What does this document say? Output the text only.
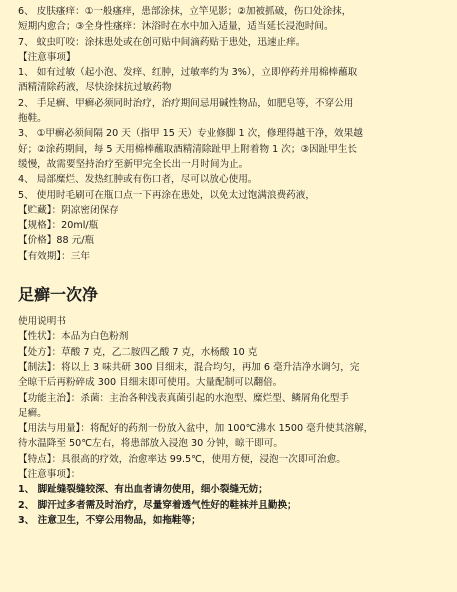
6、 皮肤瘙痒：①一般瘙痒，患部涂抹，立竿见影；②加被抓破，伤口处涂抹，
短期内愈合；③全身性瘙痒：沐浴时在水中加入适量，适当延长浸泡时间。
7、 蚊虫叮咬：涂抹患处或在创可贴中间滴药贴于患处，迅速止痒。
【注意事项】
1、 如有过敏（起小泡、发痒、红肿，过敏率约为 3%），立即停药并用棉棒蘸取
酒精清除药液，尽快涂抹抗过敏药物
2、 手足癣、甲癣必须同时治疗，治疗期间忌用碱性物品，如肥皂等，不穿公用
拖鞋。
3、 ①甲癣必须间隔 20 天（指甲 15 天）专业修脚 1 次，修理得越干净，效果越
好；②涂药期间，每 5 天用棉棒蘸取酒精清除趾甲上附着物 1 次；③因趾甲生长
缓慢，故需要坚持治疗至新甲完全长出一月时间为止。
4、 局部糜烂、发热红肿或有伤口者，尽可以放心使用。
5、 使用时毛刷可在瓶口点一下再涂在患处，以免太过饱满浪费药液，
【贮藏】：阴凉密闭保存
【规格】：20ml/瓶
【价格】88 元/瓶
【有效期】：三年
足癣一次净
使用说明书
【性状】：本品为白色粉剂
【处方】：草酸 7 克，乙二胺四乙酸 7 克，水杨酸 10 克
【制法】：将以上 3 味共研 300 目细末，混合均匀，再加 6 毫升洁净水调匀，完
全晾干后再粉碎成 300 目细末即可使用。大量配制可以翻倍。
【功能主治】：杀菌：主治各种浅表真菌引起的水泡型、糜烂型、鳞屑角化型手
足癣。
【用法与用量】：将配好的药剂一份放入盆中，加 100℃沸水 1500 毫升使其溶解，
待水温降至 50℃左右，将患部放入浸泡 30 分钟，晾干即可。
【特点】：具很高的疗效，治愈率达 99.5℃，使用方便，浸泡一次即可治愈。
【注意事项】：
1、 脚趾缝裂缝较深、有出血者请勿使用，细小裂缝无妨；
2、 脚汗过多者需及时治疗，尽量穿着透气性好的鞋袜并且勤换；
3、 注意卫生，不穿公用物品，如拖鞋等；
